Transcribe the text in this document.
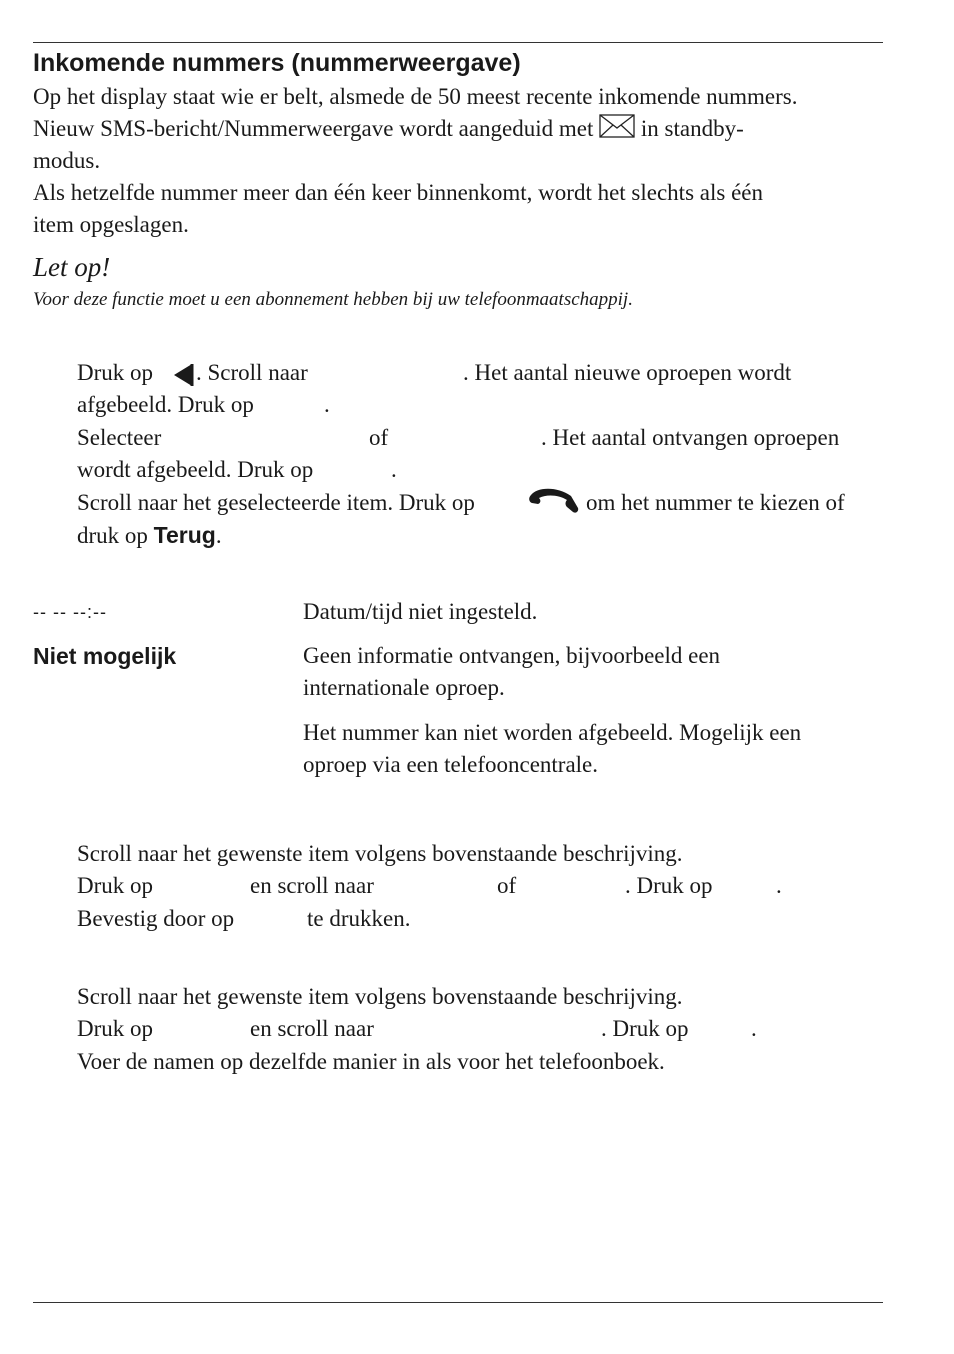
Inkomende nummers (nummerweergave)
Op het display staat wie er belt, alsmede de 50 meest recente inkomende nummers.
Nieuw SMS-bericht/Nummerweergave wordt aangeduid met in standby-
modus.
Als hetzelfde nummer meer dan één keer binnenkomt, wordt het slechts als één
item opgeslagen.
Let op!
Voor deze functie moet u een abonnement hebben bij uw telefoonmaatschappij.
Druk op . Scroll naar	. Het aantal nieuwe oproepen wordt
afgebeeld. Druk op	.
Selecteer	of	. Het aantal ontvangen oproepen
wordt afgebeeld. Druk op	.
Scroll naar het geselecteerde item. Druk op	om het nummer te kiezen of
druk op Terug.
-- -- --:--	Datum/tijd niet ingesteld.
Niet mogelijk	Geen informatie ontvangen, bijvoorbeeld een
internationale oproep.
Het nummer kan niet worden afgebeeld. Mogelijk een
oproep via een telefooncentrale.
Scroll naar het gewenste item volgens bovenstaande beschrijving.
Druk op	en scroll naar	of	. Druk op	.
Bevestig door op	te drukken.
Scroll naar het gewenste item volgens bovenstaande beschrijving.
Druk op	en scroll naar	. Druk op	.
Voer de namen op dezelfde manier in als voor het telefoonboek.
